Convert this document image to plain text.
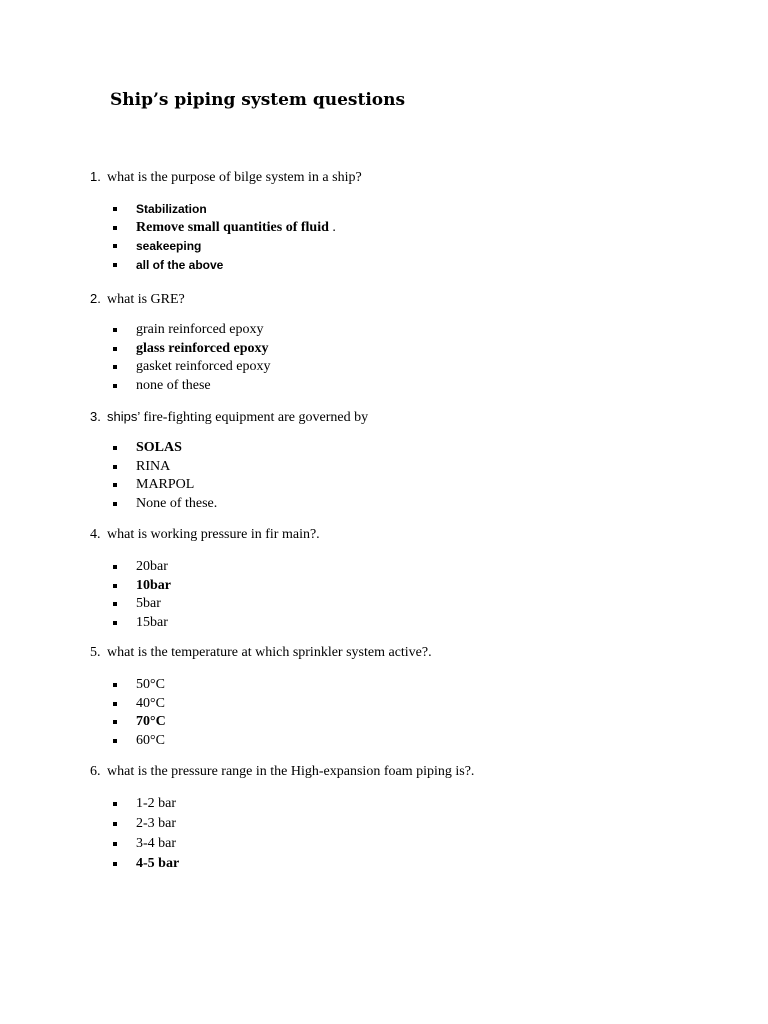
Ship’s piping system questions
1. what is the purpose of bilge system in a ship?
Stabilization
Remove small quantities of fluid .
seakeeping
all of the above
2. what is GRE?
grain reinforced epoxy
glass reinforced epoxy
gasket reinforced epoxy
none of these
3. ships’ fire-fighting equipment are governed by
SOLAS
RINA
MARPOL
None of these.
4. what is working pressure in fir main?.
20bar
10bar
5bar
15bar
5. what is the temperature at which sprinkler system active?.
50°C
40°C
70°C
60°C
6. what is the pressure range in the High-expansion foam piping is?.
1-2 bar
2-3 bar
3-4 bar
4-5 bar
